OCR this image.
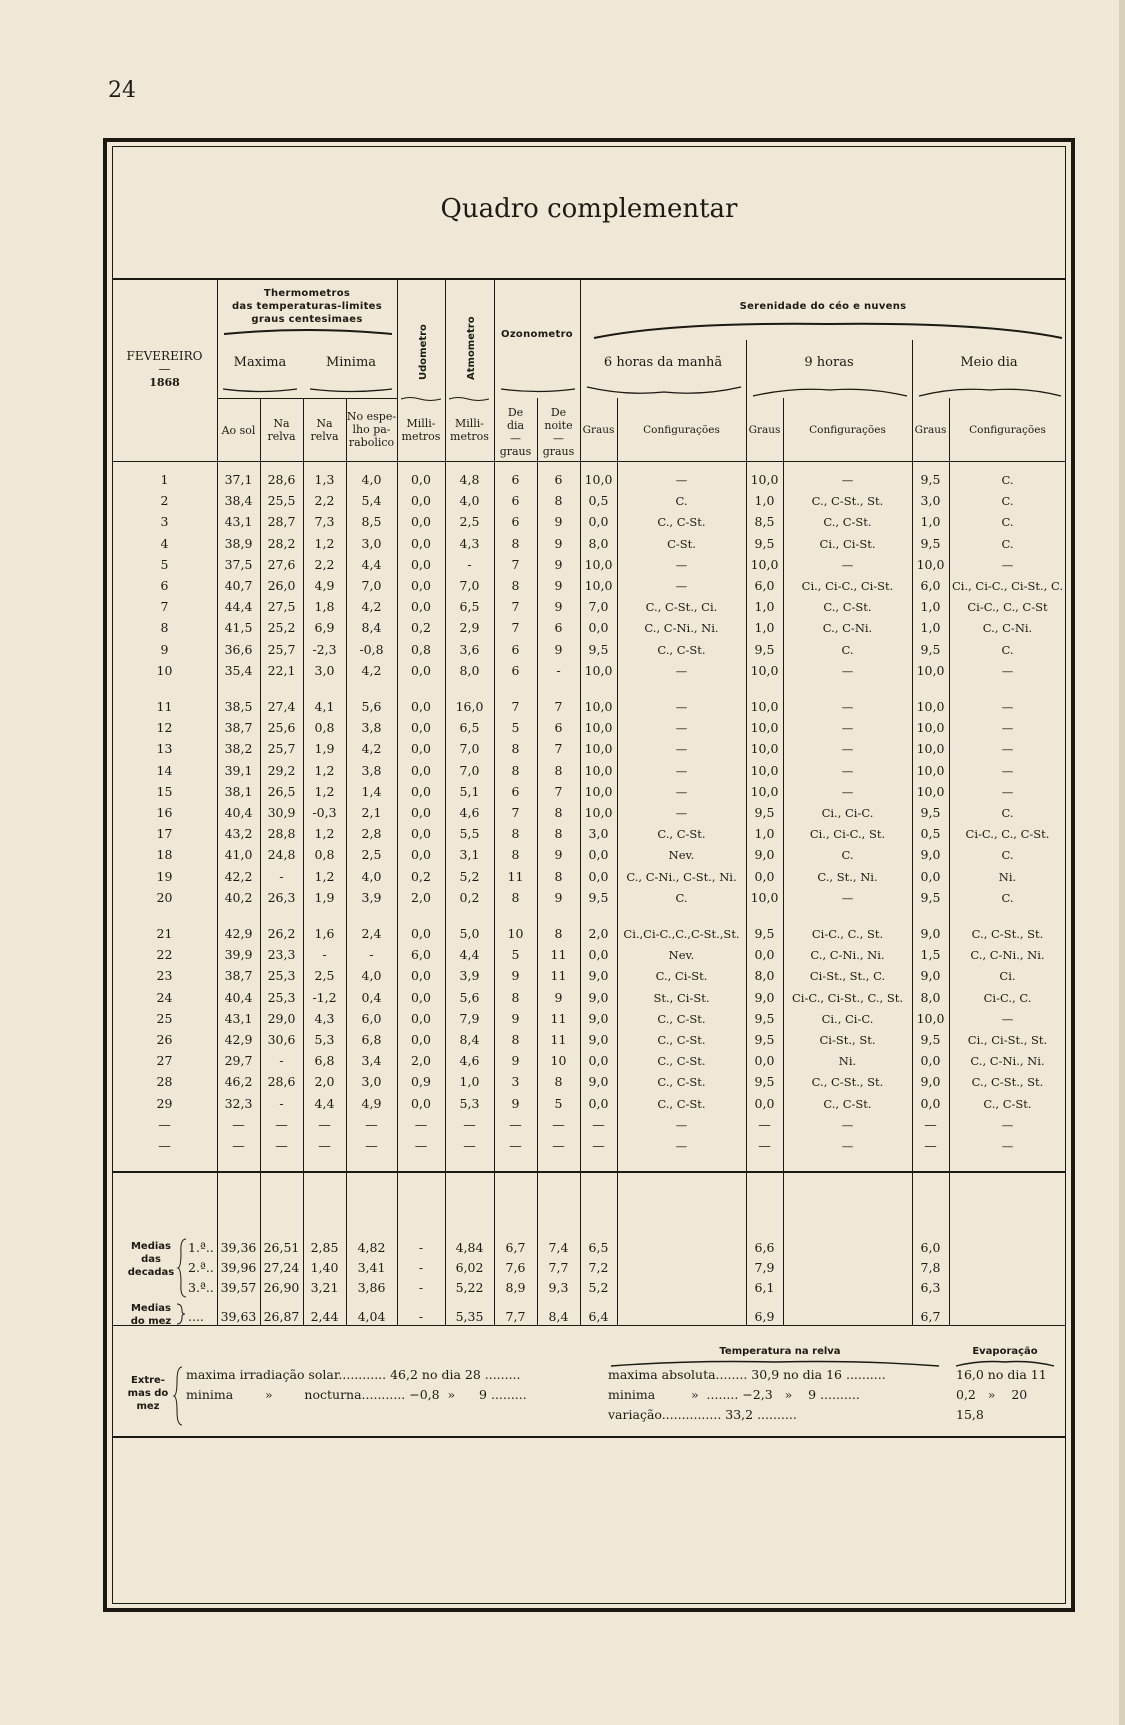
24
Quadro complementar
FEVEREIRO
—
1868
Thermometros
das temperaturas-limites
graus centesimaes
Maxima	Minima	Udometro	Atmometro	Ozonometro
Serenidade do céo e nuvens
6 horas da manhã	9 horas	Meio dia
Ao sol
Na
relva
Na
relva
No espe-
lho pa-
rabolico
Milli-
metros
Milli-
metros
De
dia
—
graus
De
noite
—
graus
Graus	Configurações	Graus	Configurações	Graus	Configurações
1	37,1	28,6	1,3	4,0	0,0	4,8	6	6	10,0	—	10,0	—	9,5	C.
2	38,4	25,5	2,2	5,4	0,0	4,0	6	8	0,5	C.	1,0	C., C-St., St.	3,0	C.
3	43,1	28,7	7,3	8,5	0,0	2,5	6	9	0,0	C., C-St.	8,5	C., C-St.	1,0	C.
4	38,9	28,2	1,2	3,0	0,0	4,3	8	9	8,0	C-St.	9,5	Ci., Ci-St.	9,5	C.
5	37,5	27,6	2,2	4,4	0,0	-	7	9	10,0	—	10,0	—	10,0	—
6	40,7	26,0	4,9	7,0	0,0	7,0	8	9	10,0	—	6,0	Ci., Ci-C., Ci-St.	6,0	Ci., Ci-C., Ci-St., C.
7	44,4	27,5	1,8	4,2	0,0	6,5	7	9	7,0	C., C-St., Ci.	1,0	C., C-St.	1,0	Ci-C., C., C-St
8	41,5	25,2	6,9	8,4	0,2	2,9	7	6	0,0	C., C-Ni., Ni.	1,0	C., C-Ni.	1,0	C., C-Ni.
9	36,6	25,7	-2,3	-0,8	0,8	3,6	6	9	9,5	C., C-St.	9,5	C.	9,5	C.
10	35,4	22,1	3,0	4,2	0,0	8,0	6	-	10,0	—	10,0	—	10,0	—
11	38,5	27,4	4,1	5,6	0,0	16,0	7	7	10,0	—	10,0	—	10,0	—
12	38,7	25,6	0,8	3,8	0,0	6,5	5	6	10,0	—	10,0	—	10,0	—
13	38,2	25,7	1,9	4,2	0,0	7,0	8	7	10,0	—	10,0	—	10,0	—
14	39,1	29,2	1,2	3,8	0,0	7,0	8	8	10,0	—	10,0	—	10,0	—
15	38,1	26,5	1,2	1,4	0,0	5,1	6	7	10,0	—	10,0	—	10,0	—
16	40,4	30,9	-0,3	2,1	0,0	4,6	7	8	10,0	—	9,5	Ci., Ci-C.	9,5	C.
17	43,2	28,8	1,2	2,8	0,0	5,5	8	8	3,0	C., C-St.	1,0	Ci., Ci-C., St.	0,5	Ci-C., C., C-St.
18	41,0	24,8	0,8	2,5	0,0	3,1	8	9	0,0	Nev.	9,0	C.	9,0	C.
19	42,2	-	1,2	4,0	0,2	5,2	11	8	0,0	C., C-Ni., C-St., Ni.	0,0	C., St., Ni.	0,0	Ni.
20	40,2	26,3	1,9	3,9	2,0	0,2	8	9	9,5	C.	10,0	—	9,5	C.
21	42,9	26,2	1,6	2,4	0,0	5,0	10	8	2,0	Ci.,Ci-C.,C.,C-St.,St.	9,5	Ci-C., C., St.	9,0	C., C-St., St.
22	39,9	23,3	-	-	6,0	4,4	5	11	0,0	Nev.	0,0	C., C-Ni., Ni.	1,5	C., C-Ni., Ni.
23	38,7	25,3	2,5	4,0	0,0	3,9	9	11	9,0	C., Ci-St.	8,0	Ci-St., St., C.	9,0	Ci.
24	40,4	25,3	-1,2	0,4	0,0	5,6	8	9	9,0	St., Ci-St.	9,0	Ci-C., Ci-St., C., St.	8,0	Ci-C., C.
25	43,1	29,0	4,3	6,0	0,0	7,9	9	11	9,0	C., C-St.	9,5	Ci., Ci-C.	10,0	—
26	42,9	30,6	5,3	6,8	0,0	8,4	8	11	9,0	C., C-St.	9,5	Ci-St., St.	9,5	Ci., Ci-St., St.
27	29,7	-	6,8	3,4	2,0	4,6	9	10	0,0	C., C-St.	0,0	Ni.	0,0	C., C-Ni., Ni.
28	46,2	28,6	2,0	3,0	0,9	1,0	3	8	9,0	C., C-St.	9,5	C., C-St., St.	9,0	C., C-St., St.
29	32,3	-	4,4	4,9	0,0	5,3	9	5	0,0	C., C-St.	0,0	C., C-St.	0,0	C., C-St.
—	—	—	—	—	—	—	—	—	—	—	—	—	—	—
—	—	—	—	—	—	—	—	—	—	—	—	—	—	—
1.ª.. 39,36 26,51 2,85	4,82	-	4,84	6,7	7,4	6,5	6,6	6,0
2.ª.. 39,96 27,24 1,40	3,41	-	6,02	7,6	7,7	7,2	7,9	7,8
3.ª.. 39,57 26,90 3,21	3,86	-	5,22	8,9	9,3	5,2	6,1	6,3
....	39,63 26,87 2,44	4,04	-	5,35	7,7	8,4	6,4	6,9	6,7
Medias
das
decadas
Medias
do mez
Temperatura na relva	Evaporação
Extre-
mas do
mez
maxima irradiação solar............ 46,2 no dia 28 .........	maxima absoluta........ 30,9 no dia 16 ..........	16,0 no dia 11
minima        »        nocturna........... −0,8  »      9 .........	minima         »  ........ −2,3   »    9 ..........	0,2   »    20
variação............... 33,2 ..........	15,8
